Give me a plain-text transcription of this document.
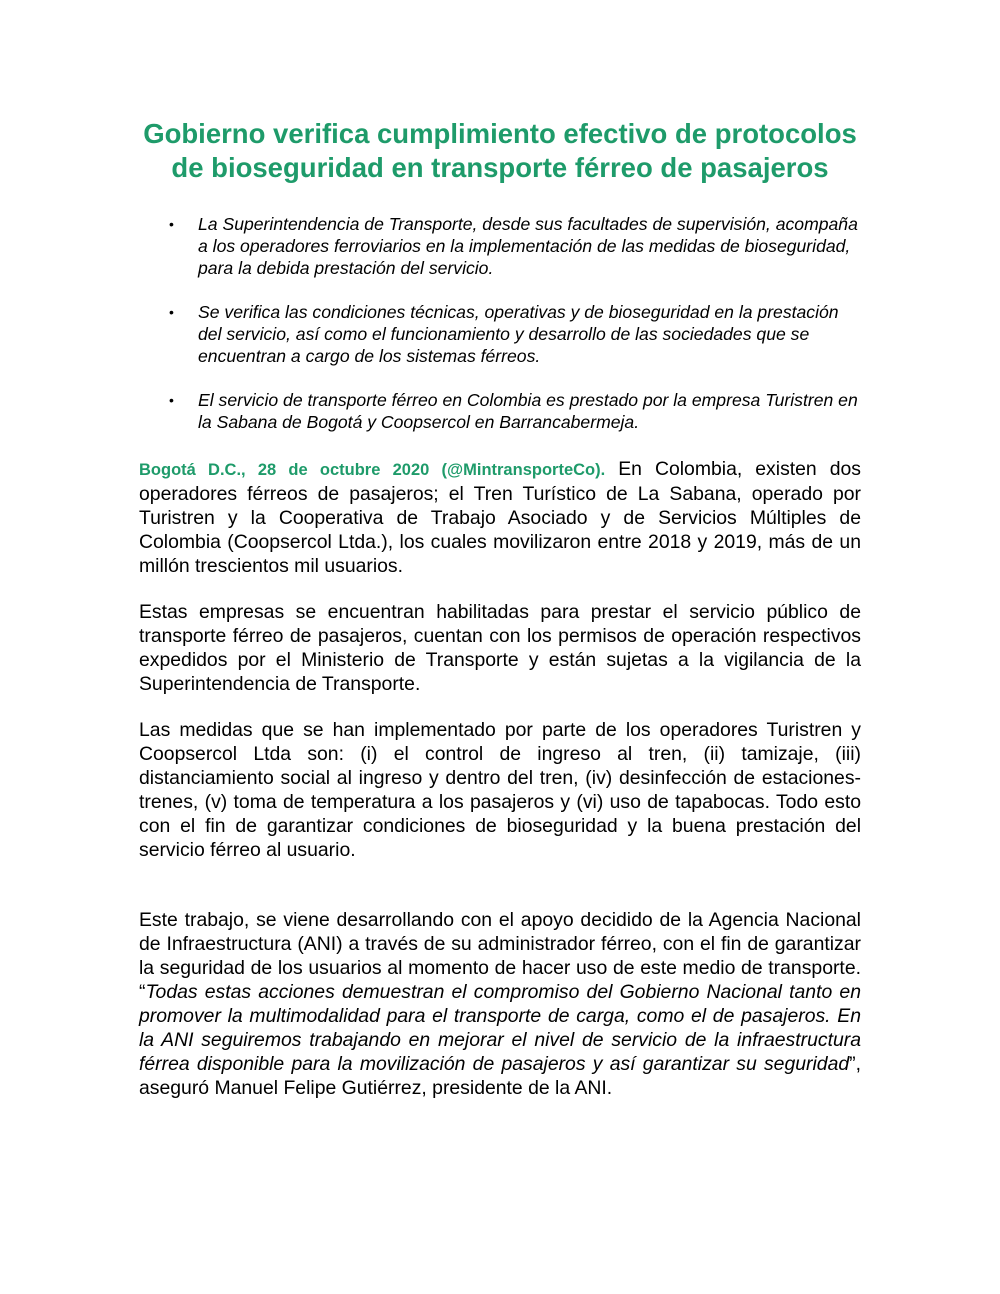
Gobierno verifica cumplimiento efectivo de protocolos de bioseguridad en transporte férreo de pasajeros
• La Superintendencia de Transporte, desde sus facultades de supervisión, acompaña a los operadores ferroviarios en la implementación de las medidas de bioseguridad, para la debida prestación del servicio.
• Se verifica las condiciones técnicas, operativas y de bioseguridad en la prestación del servicio, así como el funcionamiento y desarrollo de las sociedades que se encuentran a cargo de los sistemas férreos.
• El servicio de transporte férreo en Colombia es prestado por la empresa Turistren en la Sabana de Bogotá y Coopsercol en Barrancabermeja.

Bogotá D.C., 28 de octubre 2020 (@MintransporteCo). En Colombia, existen dos operadores férreos de pasajeros; el Tren Turístico de La Sabana, operado por Turistren y la Cooperativa de Trabajo Asociado y de Servicios Múltiples de Colombia (Coopsercol Ltda.), los cuales movilizaron entre 2018 y 2019, más de un millón trescientos mil usuarios.

Estas empresas se encuentran habilitadas para prestar el servicio público de transporte férreo de pasajeros, cuentan con los permisos de operación respectivos expedidos por el Ministerio de Transporte y están sujetas a la vigilancia de la Superintendencia de Transporte.

Las medidas que se han implementado por parte de los operadores Turistren y Coopsercol Ltda son: (i) el control de ingreso al tren, (ii) tamizaje, (iii) distanciamiento social al ingreso y dentro del tren, (iv) desinfección de estaciones-trenes, (v) toma de temperatura a los pasajeros y (vi) uso de tapabocas. Todo esto con el fin de garantizar condiciones de bioseguridad y la buena prestación del servicio férreo al usuario.

Este trabajo, se viene desarrollando con el apoyo decidido de la Agencia Nacional de Infraestructura (ANI) a través de su administrador férreo, con el fin de garantizar la seguridad de los usuarios al momento de hacer uso de este medio de transporte. “Todas estas acciones demuestran el compromiso del Gobierno Nacional tanto en promover la multimodalidad para el transporte de carga, como el de pasajeros. En la ANI seguiremos trabajando en mejorar el nivel de servicio de la infraestructura férrea disponible para la movilización de pasajeros y así garantizar su seguridad”, aseguró Manuel Felipe Gutiérrez, presidente de la ANI.
